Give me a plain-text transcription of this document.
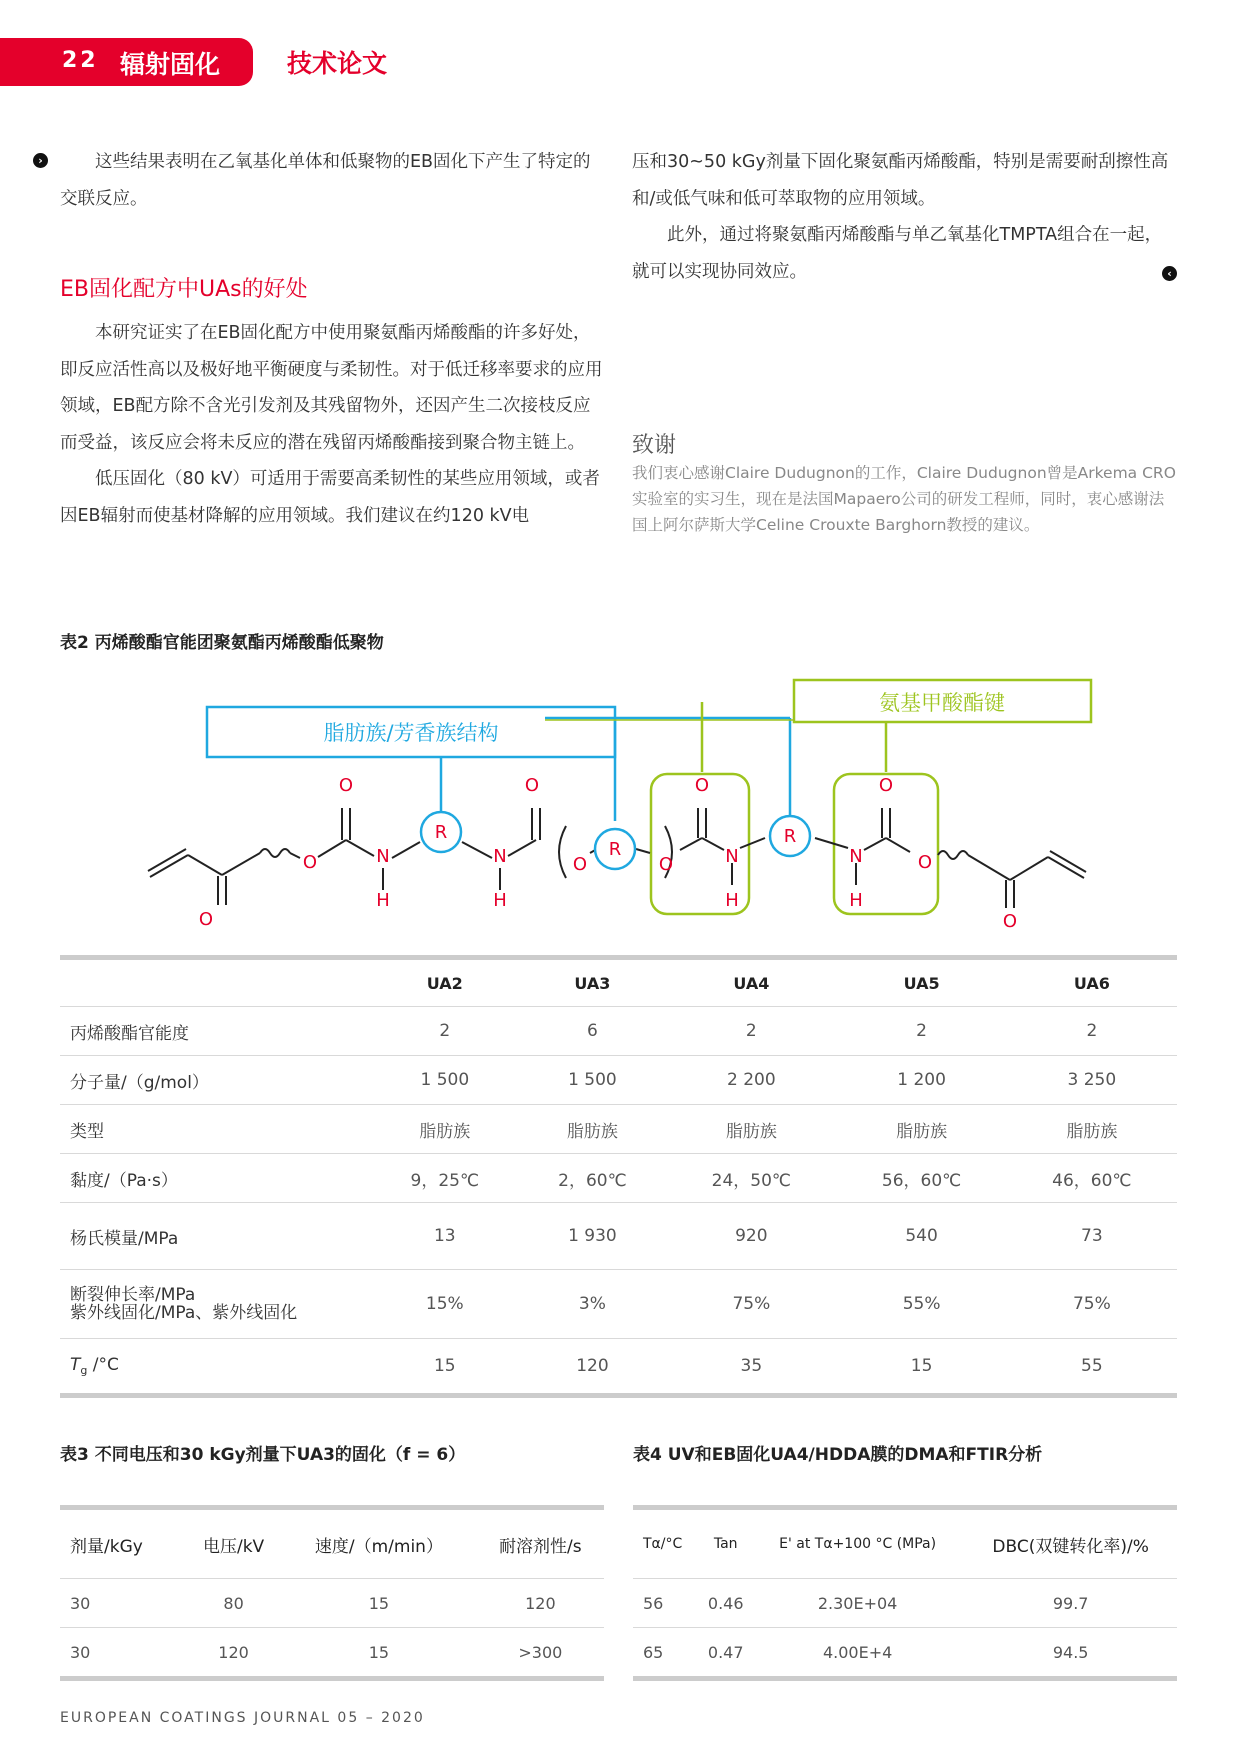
22 辐射固化	技术论文
›	这些结果表明在乙氧基化单体和低聚物的EB固化下产生了特定的交联反应。

EB固化配方中UAs的好处

本研究证实了在EB固化配方中使用聚氨酯丙烯酸酯的许多好处，即反应活性高以及极好地平衡硬度与柔韧性。对于低迁移率要求的应用领域，EB配方除不含光引发剂及其残留物外，还因产生二次接枝反应而受益，该反应会将未反应的潜在残留丙烯酸酯接到聚合物主链上。

低压固化（80 kV）可适用于需要高柔韧性的某些应用领域，或者因EB辐射而使基材降解的应用领域。我们建议在约120 kV电

压和30~50 kGy剂量下固化聚氨酯丙烯酸酯，特别是需要耐刮擦性高和/或低气味和低可萃取物的应用领域。

此外，通过将聚氨酯丙烯酸酯与单乙氧基化TMPTA组合在一起，就可以实现协同效应。	‹
致谢

我们衷心感谢Claire Dudugnon的工作，Claire Dudugnon曾是Arkema CRO实验室的实习生，现在是法国Mapaero公司的研发工程师，同时，衷心感谢法国上阿尔萨斯大学Celine Crouxte Barghorn教授的建议。

表2 丙烯酸酯官能团聚氨酯丙烯酸酯低聚物
脂肪族/芳香族结构
氨基甲酸酯键
O
O
O
N
H
R
O
N
H
O
R
O
O
N
H
R
N
H
O
O
O
	UA2	UA3	UA4	UA5	UA6
丙烯酸酯官能度	2	6	2	2	2
分子量/（g/mol）	1 500	1 500	2 200	1 200	3 250
类型	脂肪族	脂肪族	脂肪族	脂肪族	脂肪族
黏度/（Pa·s）	9，25℃	2，60℃	24，50℃	56，60℃	46，60℃
杨氏模量/MPa	13	1 930	920	540	73
断裂伸长率/MPa
紫外线固化/MPa、紫外线固化	15%	3%	75%	55%	75%
$T_g$ /°C	15	120	35	15	55
表3 不同电压和30 kGy剂量下UA3的固化（f = 6）
剂量/kGy	电压/kV	速度/（m/min）	耐溶剂性/s
30	80	15	120
30	120	15	>300
表4 UV和EB固化UA4/HDDA膜的DMA和FTIR分析
Tα/°C	Tan	E' at Tα+100 °C (MPa)	DBC(双键转化率)/%
56	0.46	2.30E+04	99.7
65	0.47	4.00E+4	94.5
EUROPEAN COATINGS JOURNAL 05 – 2020
